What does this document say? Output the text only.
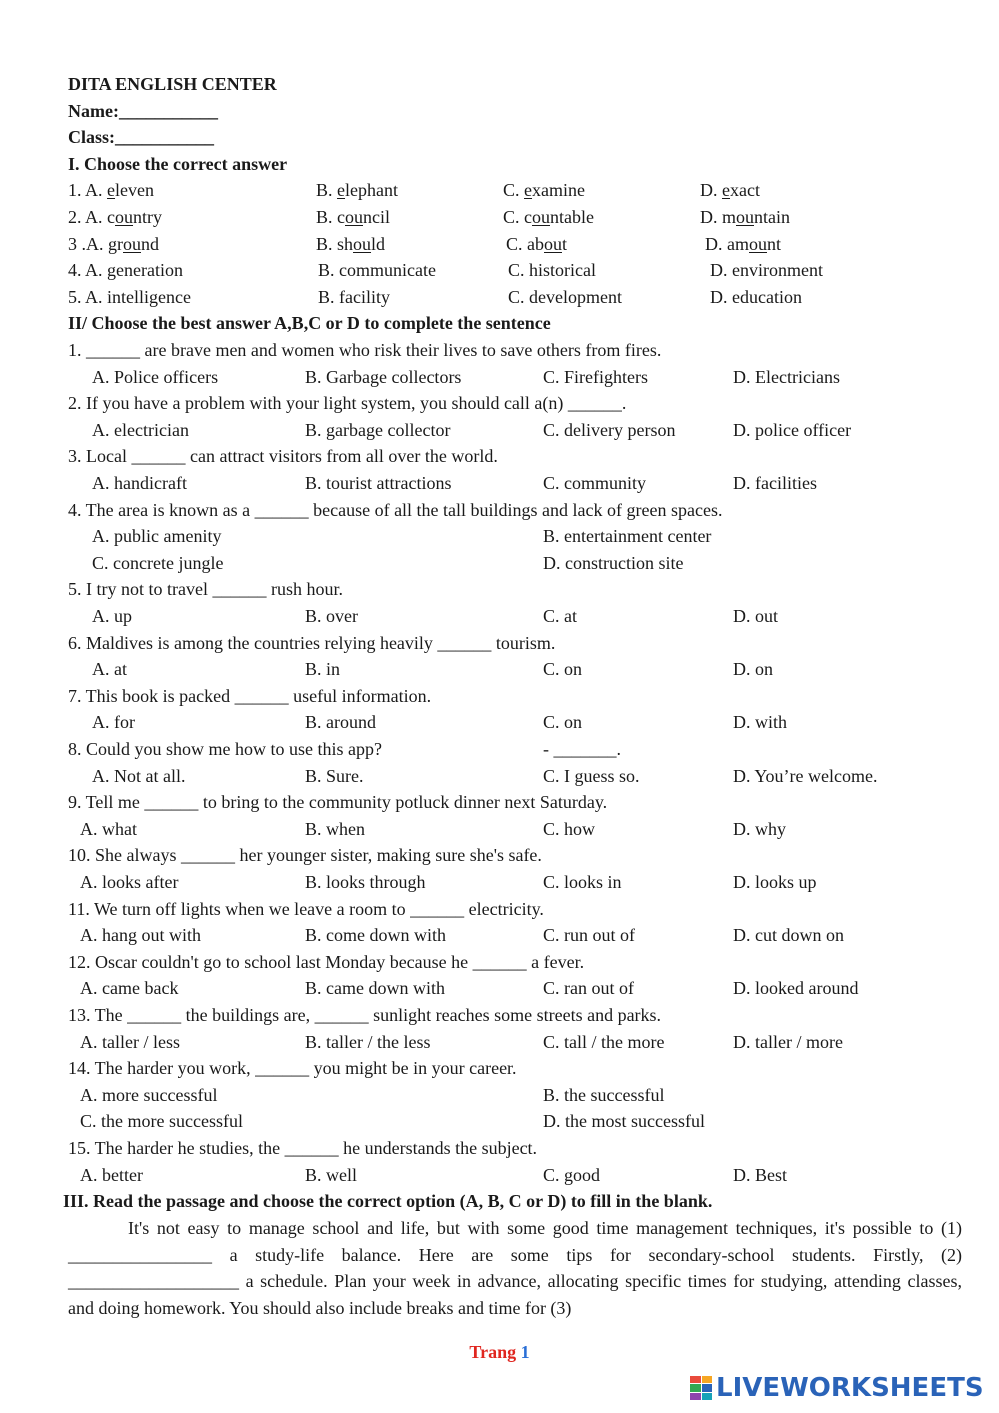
DITA ENGLISH CENTER
Name:___________
Class:___________
I. Choose the correct answer
1. A. eleven	B. elephant	C. examine	D. exact
2. A. country	B. council	C. countable	D. mountain
3 .A. ground	B. should	C. about	D. amount
4. A. generation	B. communicate	C. historical	D. environment
5. A. intelligence	B. facility	C. development	D. education
II/ Choose the best answer A,B,C or D to complete the sentence
1. ______ are brave men and women who risk their lives to save others from fires.
A. Police officers	B. Garbage collectors	C. Firefighters	D. Electricians
2. If you have a problem with your light system, you should call a(n) ______.
A. electrician	B. garbage collector	C. delivery person	D. police officer
3. Local ______ can attract visitors from all over the world.
A. handicraft	B. tourist attractions	C. community	D. facilities
4. The area is known as a ______ because of all the tall buildings and lack of green spaces.
A. public amenity	B. entertainment center
C. concrete jungle	D. construction site
5. I try not to travel ______ rush hour.
A. up	B. over	C. at	D. out
6. Maldives is among the countries relying heavily ______ tourism.
A. at	B. in	C. on	D. on
7. This book is packed ______ useful information.
A. for	B. around	C. on	D. with
8. Could you show me how to use this app?	- _______.
A. Not at all.	B. Sure.	C. I guess so.	D. You’re welcome.
9. Tell me ______ to bring to the community potluck dinner next Saturday.
A. what	B. when	C. how	D. why
10. She always ______ her younger sister, making sure she's safe.
A. looks after	B. looks through	C. looks in	D. looks up
11. We turn off lights when we leave a room to ______ electricity.
A. hang out with	B. come down with	C. run out of	D. cut down on
12. Oscar couldn't go to school last Monday because he ______ a fever.
A. came back	B. came down with	C. ran out of	D. looked around
13. The ______ the buildings are, ______ sunlight reaches some streets and parks.
A. taller / less	B. taller / the less	C. tall / the more	D. taller / more
14. The harder you work, ______ you might be in your career.
A. more successful	B. the successful
C. the more successful	D. the most successful
15. The harder he studies, the ______ he understands the subject.
A. better	B. well	C. good	D. Best
III. Read the passage and choose the correct option (A, B, C or D) to fill in the blank.

It's not easy to manage school and life, but with some good time management techniques, it's possible to (1) ________________ a study-life balance. Here are some tips for secondary-school students. Firstly, (2) ___________________ a schedule. Plan your week in advance, allocating specific times for studying, attending classes, and doing homework. You should also include breaks and time for (3)

Trang 1
LIVEWORKSHEETS
